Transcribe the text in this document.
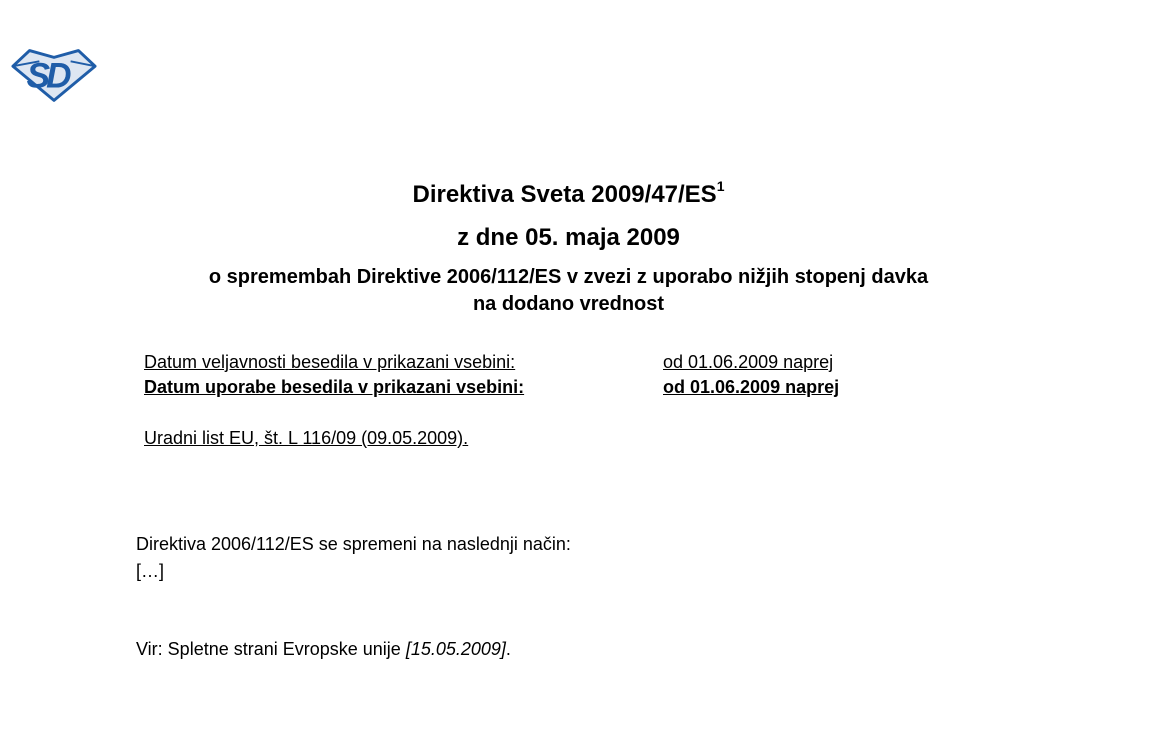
SD
Direktiva Sveta $2009/47/ES^1$
z dne 05. maja 2009
o spremembah Direktive 2006/112/ES v zvezi z uporabo nižjih stopenj davka
na dodano vrednost
Datum veljavnosti besedila v prikazani vsebini:	od 01.06.2009 naprej
Datum uporabe besedila v prikazani vsebini:	od 01.06.2009 naprej
Uradni list EU, št. L 116/09 (09.05.2009).
Direktiva 2006/112/ES se spremeni na naslednji način:
[…]
Vir: Spletne strani Evropske unije [15.05.2009].
